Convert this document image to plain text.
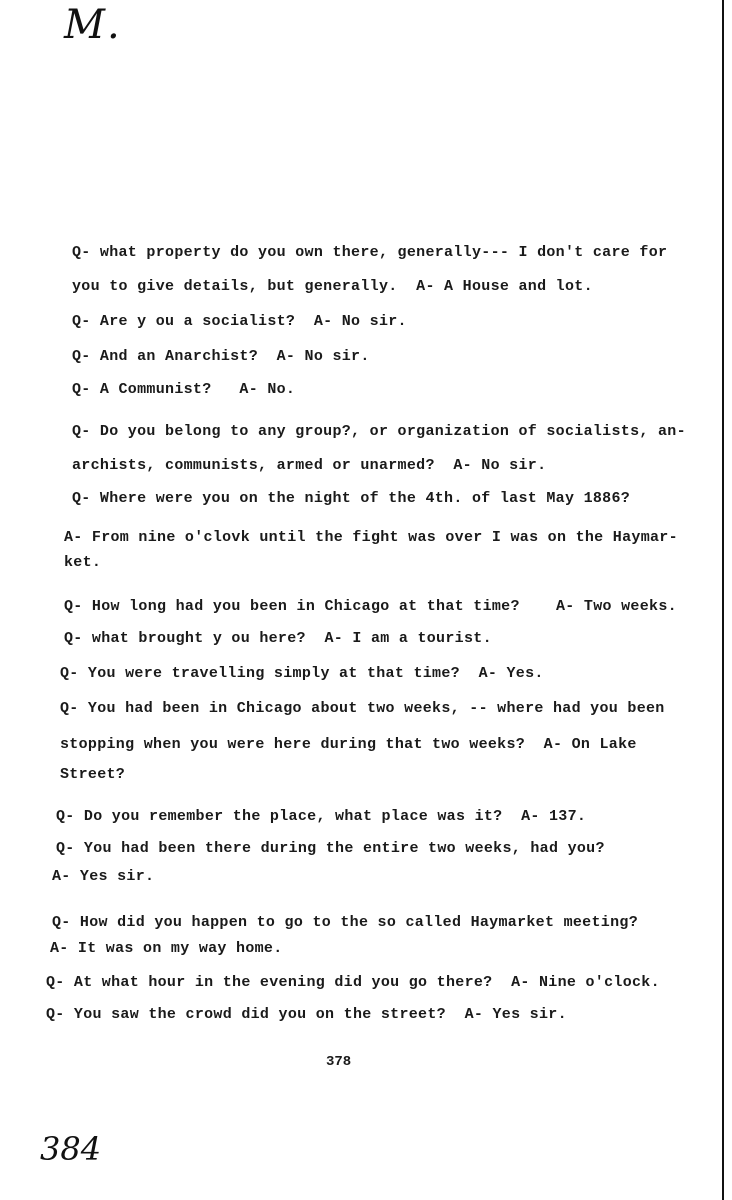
M.
Q- what property do you own there, generally--- I don't care for
you to give details, but generally.  A- A House and lot.
Q- Are y ou a socialist?  A- No sir.
Q- And an Anarchist?  A- No sir.
Q- A Communist?   A- No.
Q- Do you belong to any group?, or organization of socialists, an-
archists, communists, armed or unarmed?  A- No sir.
Q- Where were you on the night of the 4th. of last May 1886?
A- From nine o'clovk until the fight was over I was on the Haymar-
ket.
Q- How long had you been in Chicago at that time? A- Two weeks.
Q- what brought y ou here?  A- I am a tourist.
Q- You were travelling simply at that time?  A- Yes.
Q- You had been in Chicago about two weeks, -- where had you been
stopping when you were here during that two weeks?  A- On Lake
Street?
Q- Do you remember the place, what place was it?  A- 137.
Q- You had been there during the entire two weeks, had you?
A- Yes sir.
Q- How did you happen to go to the so called Haymarket meeting?
A- It was on my way home.
Q- At what hour in the evening did you go there?  A- Nine o'clock.
Q- You saw the crowd did you on the street?  A- Yes sir.
378
384
